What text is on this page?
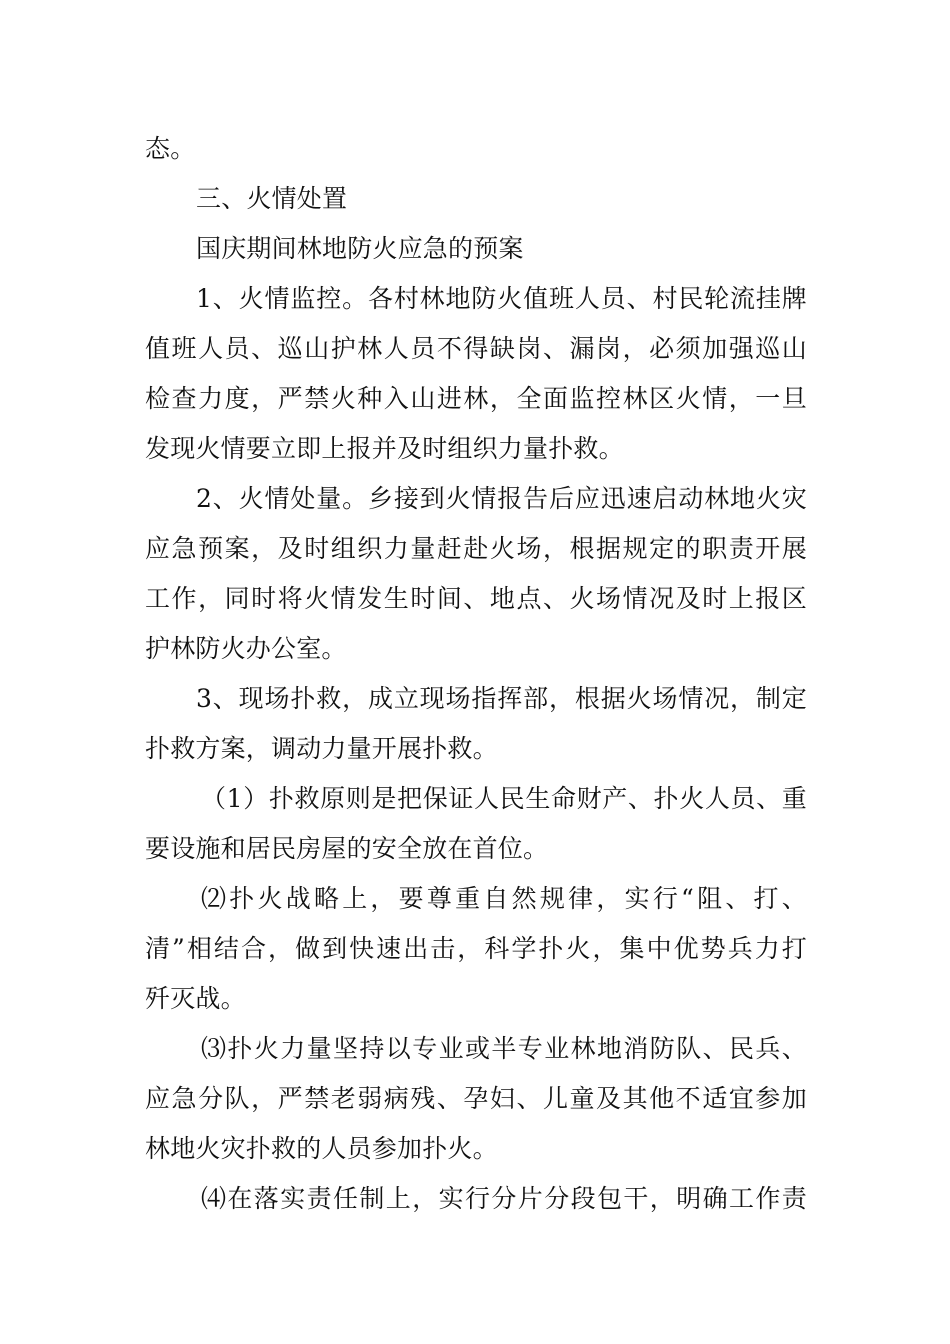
态。
三、火情处置
国庆期间林地防火应急的预案
1、火情监控。各村林地防火值班人员、村民轮流挂牌
值班人员、巡山护林人员不得缺岗、漏岗，必须加强巡山
检查力度，严禁火种入山进林，全面监控林区火情，一旦
发现火情要立即上报并及时组织力量扑救。
2、火情处量。乡接到火情报告后应迅速启动林地火灾
应急预案，及时组织力量赶赴火场，根据规定的职责开展
工作，同时将火情发生时间、地点、火场情况及时上报区
护林防火办公室。
3、现场扑救，成立现场指挥部，根据火场情况，制定
扑救方案，调动力量开展扑救。
（1）扑救原则是把保证人民生命财产、扑火人员、重
要设施和居民房屋的安全放在首位。
⑵扑火战略上，要尊重自然规律，实行“阻、打、
清”相结合，做到快速出击，科学扑火，集中优势兵力打
歼灭战。
⑶扑火力量坚持以专业或半专业林地消防队、民兵、
应急分队，严禁老弱病残、孕妇、儿童及其他不适宜参加
林地火灾扑救的人员参加扑火。
⑷在落实责任制上，实行分片分段包干，明确工作责
